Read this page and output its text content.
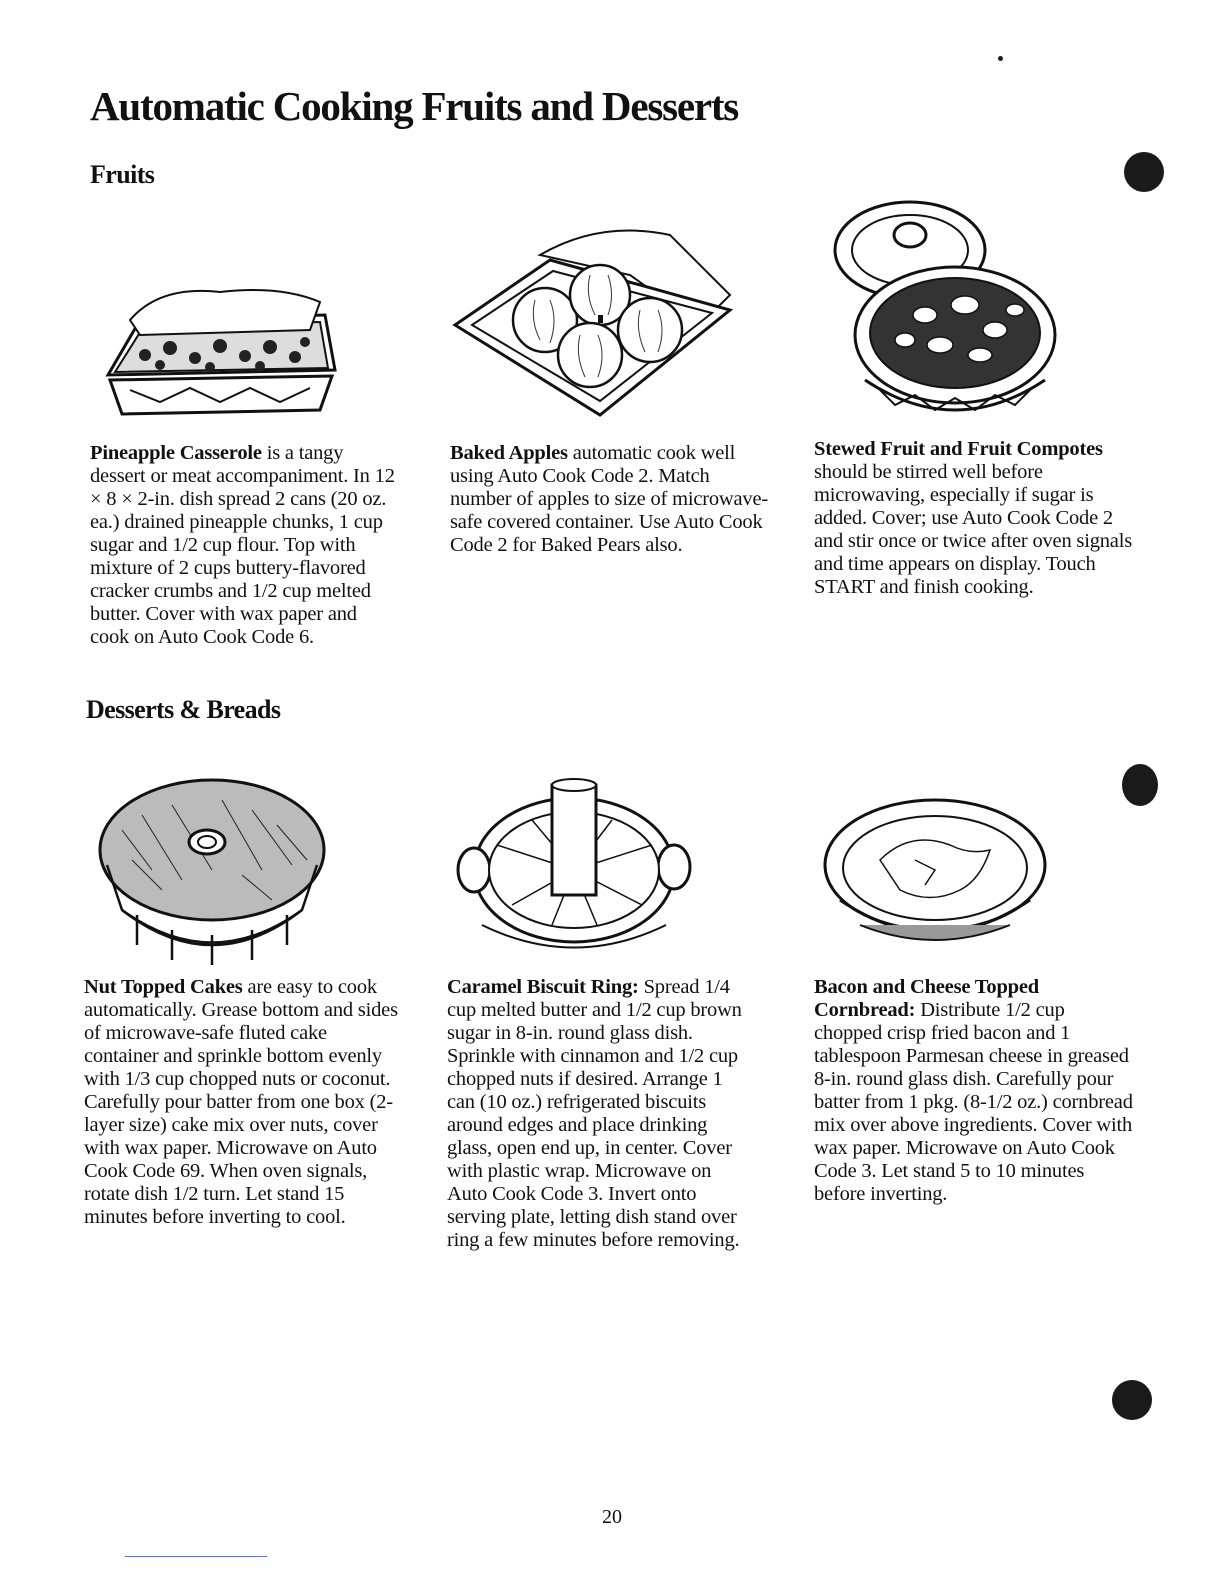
Automatic Cooking Fruits and Desserts
Fruits

Pineapple Casserole is a tangy dessert or meat accompaniment. In 12 × 8 × 2-in. dish spread 2 cans (20 oz. ea.) drained pineapple chunks, 1 cup sugar and 1/2 cup flour. Top with mixture of 2 cups buttery-flavored cracker crumbs and 1/2 cup melted butter. Cover with wax paper and cook on Auto Cook Code 6.

Baked Apples automatic cook well using Auto Cook Code 2. Match number of apples to size of microwave-safe covered container. Use Auto Cook Code 2 for Baked Pears also.

Stewed Fruit and Fruit Compotes should be stirred well before microwaving, especially if sugar is added. Cover; use Auto Cook Code 2 and stir once or twice after oven signals and time appears on display. Touch START and finish cooking.

Desserts & Breads

Nut Topped Cakes are easy to cook automatically. Grease bottom and sides of microwave-safe fluted cake container and sprinkle bottom evenly with 1/3 cup chopped nuts or coconut. Carefully pour batter from one box (2-layer size) cake mix over nuts, cover with wax paper. Microwave on Auto Cook Code 69. When oven signals, rotate dish 1/2 turn. Let stand 15 minutes before inverting to cool.

Caramel Biscuit Ring: Spread 1/4 cup melted butter and 1/2 cup brown sugar in 8-in. round glass dish. Sprinkle with cinnamon and 1/2 cup chopped nuts if desired. Arrange 1 can (10 oz.) refrigerated biscuits around edges and place drinking glass, open end up, in center. Cover with plastic wrap. Microwave on Auto Cook Code 3. Invert onto serving plate, letting dish stand over ring a few minutes before removing.

Bacon and Cheese Topped Cornbread: Distribute 1/2 cup chopped crisp fried bacon and 1 tablespoon Parmesan cheese in greased 8-in. round glass dish. Carefully pour batter from 1 pkg. (8-1/2 oz.) cornbread mix over above ingredients. Cover with wax paper. Microwave on Auto Cook Code 3. Let stand 5 to 10 minutes before inverting.

20
